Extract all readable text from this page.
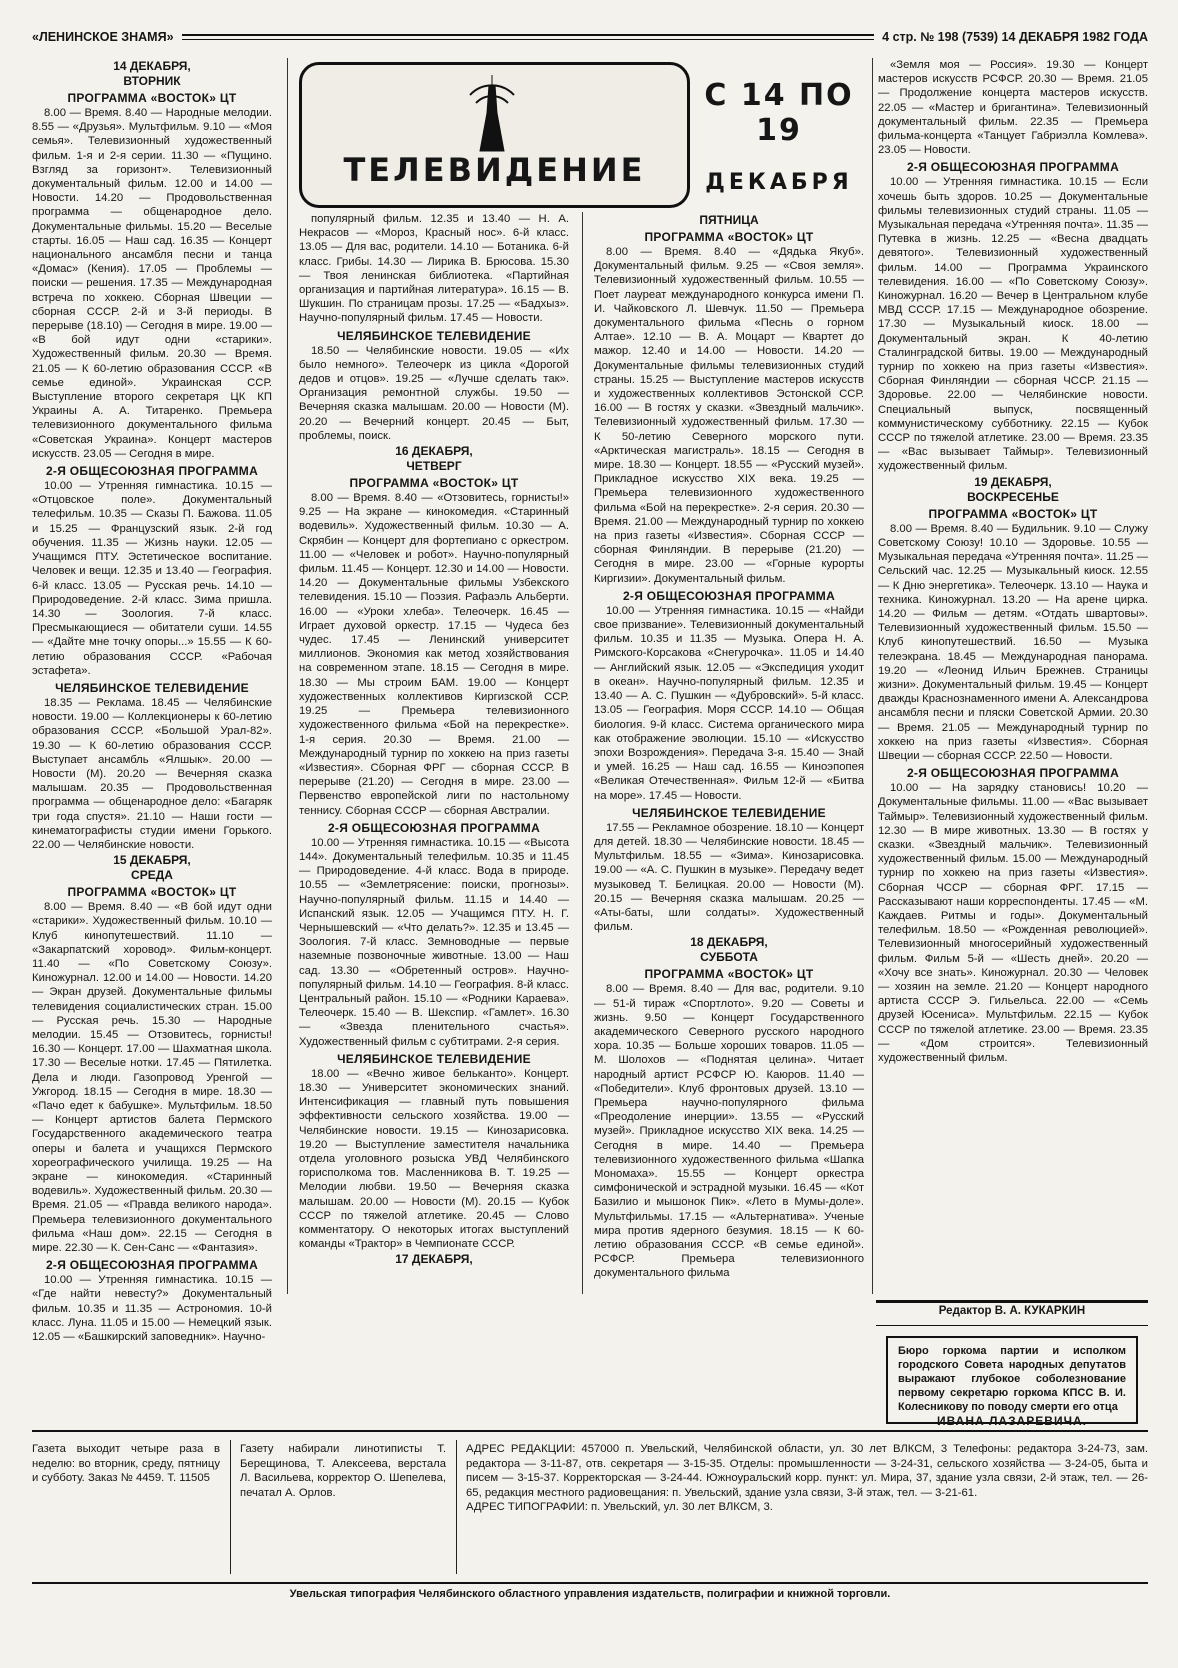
«ЛЕНИНСКОЕ ЗНАМЯ»	4 стр. № 198 (7539) 14 ДЕКАБРЯ 1982 ГОДА
14 ДЕКАБРЯ,
ВТОРНИК
ПРОГРАММА «ВОСТОК» ЦТ

8.00 — Время. 8.40 — Народные мелодии. 8.55 — «Друзья». Мультфильм. 9.10 — «Моя семья». Телевизионный художественный фильм. 1-я и 2-я серии. 11.30 — «Пущино. Взгляд за горизонт». Телевизионный документальный фильм. 12.00 и 14.00 — Новости. 14.20 — Продовольственная программа — общенародное дело. Документальные фильмы. 15.20 — Веселые старты. 16.05 — Наш сад. 16.35 — Концерт национального ансамбля песни и танца «Домас» (Кения). 17.05 — Проблемы — поиски — решения. 17.35 — Международная встреча по хоккею. Сборная Швеции — сборная СССР. 2-й и 3-й периоды. В перерыве (18.10) — Сегодня в мире. 19.00 — «В бой идут одни «старики». Художественный фильм. 20.30 — Время. 21.05 — К 60-летию образования СССР. «В семье единой». Украинская ССР. Выступление второго секретаря ЦК КП Украины А. А. Титаренко. Премьера телевизионного документального фильма «Советская Украина». Концерт мастеров искусств. 23.05 — Сегодня в мире.

2-Я ОБЩЕСОЮЗНАЯ ПРОГРАММА

10.00 — Утренняя гимнастика. 10.15 — «Отцовское поле». Документальный телефильм. 10.35 — Сказы П. Бажова. 11.05 и 15.25 — Французский язык. 2-й год обучения. 11.35 — Жизнь науки. 12.05 — Учащимся ПТУ. Эстетическое воспитание. Человек и вещи. 12.35 и 13.40 — География. 6-й класс. 13.05 — Русская речь. 14.10 — Природоведение. 2-й класс. Зима пришла. 14.30 — Зоология. 7-й класс. Пресмыкающиеся — обитатели суши. 14.55 — «Дайте мне точку опоры...» 15.55 — К 60-летию образования СССР. «Рабочая эстафета».

ЧЕЛЯБИНСКОЕ ТЕЛЕВИДЕНИЕ

18.35 — Реклама. 18.45 — Челябинские новости. 19.00 — Коллекционеры к 60-летию образования СССР. «Большой Урал-82». 19.30 — К 60-летию образования СССР. Выступает ансамбль «Ялшык». 20.00 — Новости (М). 20.20 — Вечерняя сказка малышам. 20.35 — Продовольственная программа — общенародное дело: «Багаряк три года спустя». 21.10 — Наши гости — кинематографисты студии имени Горького. 22.00 — Челябинские новости.

15 ДЕКАБРЯ,
СРЕДА
ПРОГРАММА «ВОСТОК» ЦТ

8.00 — Время. 8.40 — «В бой идут одни «старики». Художественный фильм. 10.10 — Клуб кинопутешествий. 11.10 — «Закарпатский хоровод». Фильм-концерт. 11.40 — «По Советскому Союзу». Киножурнал. 12.00 и 14.00 — Новости. 14.20 — Экран друзей. Документальные фильмы телевидения социалистических стран. 15.00 — Русская речь. 15.30 — Народные мелодии. 15.45 — Отзовитесь, горнисты! 16.30 — Концерт. 17.00 — Шахматная школа. 17.30 — Веселые нотки. 17.45 — Пятилетка. Дела и люди. Газопровод Уренгой — Ужгород. 18.15 — Сегодня в мире. 18.30 — «Пачо едет к бабушке». Мультфильм. 18.50 — Концерт артистов балета Пермского Государственного академического театра оперы и балета и учащихся Пермского хореографического училища. 19.25 — На экране — кинокомедия. «Старинный водевиль». Художественный фильм. 20.30 — Время. 21.05 — «Правда великого народа». Премьера телевизионного документального фильма «Наш дом». 22.15 — Сегодня в мире. 22.30 — К. Сен-Санс — «Фантазия».

2-Я ОБЩЕСОЮЗНАЯ ПРОГРАММА

10.00 — Утренняя гимнастика. 10.15 — «Где найти невесту?» Документальный фильм. 10.35 и 11.35 — Астрономия. 10-й класс. Луна. 11.05 и 15.00 — Немецкий язык. 12.05 — «Башкирский заповедник». Научно-

ТЕЛЕВИДЕНИЕ
С 14 ПО 19
ДЕКАБРЯ

популярный фильм. 12.35 и 13.40 — Н. А. Некрасов — «Мороз, Красный нос». 6-й класс. 13.05 — Для вас, родители. 14.10 — Ботаника. 6-й класс. Грибы. 14.30 — Лирика В. Брюсова. 15.30 — Твоя ленинская библиотека. «Партийная организация и партийная литература». 16.15 — В. Шукшин. По страницам прозы. 17.25 — «Бадхыз». Научно-популярный фильм. 17.45 — Новости.

ЧЕЛЯБИНСКОЕ ТЕЛЕВИДЕНИЕ

18.50 — Челябинские новости. 19.05 — «Их было немного». Телеочерк из цикла «Дорогой дедов и отцов». 19.25 — «Лучше сделать так». Организация ремонтной службы. 19.50 — Вечерняя сказка малышам. 20.00 — Новости (М). 20.20 — Вечерний концерт. 20.45 — Быт, проблемы, поиск.

16 ДЕКАБРЯ,
ЧЕТВЕРГ
ПРОГРАММА «ВОСТОК» ЦТ

8.00 — Время. 8.40 — «Отзовитесь, горнисты!» 9.25 — На экране — кинокомедия. «Старинный водевиль». Художественный фильм. 10.30 — А. Скрябин — Концерт для фортепиано с оркестром. 11.00 — «Человек и робот». Научно-популярный фильм. 11.45 — Концерт. 12.30 и 14.00 — Новости. 14.20 — Документальные фильмы Узбекского телевидения. 15.10 — Поэзия. Рафаэль Альберти. 16.00 — «Уроки хлеба». Телеочерк. 16.45 — Играет духовой оркестр. 17.15 — Чудеса без чудес. 17.45 — Ленинский университет миллионов. Экономия как метод хозяйствования на современном этапе. 18.15 — Сегодня в мире. 18.30 — Мы строим БАМ. 19.00 — Концерт художественных коллективов Киргизской ССР. 19.25 — Премьера телевизионного художественного фильма «Бой на перекрестке». 1-я серия. 20.30 — Время. 21.00 — Международный турнир по хоккею на приз газеты «Известия». Сборная ФРГ — сборная СССР. В перерыве (21.20) — Сегодня в мире. 23.00 — Первенство европейской лиги по настольному теннису. Сборная СССР — сборная Австралии.

2-Я ОБЩЕСОЮЗНАЯ ПРОГРАММА

10.00 — Утренняя гимнастика. 10.15 — «Высота 144». Документальный телефильм. 10.35 и 11.45 — Природоведение. 4-й класс. Вода в природе. 10.55 — «Землетрясение: поиски, прогнозы». Научно-популярный фильм. 11.15 и 14.40 — Испанский язык. 12.05 — Учащимся ПТУ. Н. Г. Чернышевский — «Что делать?». 12.35 и 13.45 — Зоология. 7-й класс. Земноводные — первые наземные позвоночные животные. 13.00 — Наш сад. 13.30 — «Обретенный остров». Научно-популярный фильм. 14.10 — География. 8-й класс. Центральный район. 15.10 — «Родники Караева». Телеочерк. 15.40 — В. Шекспир. «Гамлет». 16.30 — «Звезда пленительного счастья». Художественный фильм с субтитрами. 2-я серия.

ЧЕЛЯБИНСКОЕ ТЕЛЕВИДЕНИЕ

18.00 — «Вечно живое бельканто». Концерт. 18.30 — Университет экономических знаний. Интенсификация — главный путь повышения эффективности сельского хозяйства. 19.00 — Челябинские новости. 19.15 — Кинозарисовка. 19.20 — Выступление заместителя начальника отдела уголовного розыска УВД Челябинского горисполкома тов. Масленникова В. Т. 19.25 — Мелодии любви. 19.50 — Вечерняя сказка малышам. 20.00 — Новости (М). 20.15 — Кубок СССР по тяжелой атлетике. 20.45 — Слово комментатору. О некоторых итогах выступлений команды «Трактор» в Чемпионате СССР.

17 ДЕКАБРЯ,
ПЯТНИЦА
ПРОГРАММА «ВОСТОК» ЦТ

8.00 — Время. 8.40 — «Дядька Якуб». Документальный фильм. 9.25 — «Своя земля». Телевизионный художественный фильм. 10.55 — Поет лауреат международного конкурса имени П. И. Чайковского Л. Шевчук. 11.50 — Премьера документального фильма «Песнь о горном Алтае». 12.10 — В. А. Моцарт — Квартет до мажор. 12.40 и 14.00 — Новости. 14.20 — Документальные фильмы телевизионных студий страны. 15.25 — Выступление мастеров искусств и художественных коллективов Эстонской ССР. 16.00 — В гостях у сказки. «Звездный мальчик». Телевизионный художественный фильм. 17.30 — К 50-летию Северного морского пути. «Арктическая магистраль». 18.15 — Сегодня в мире. 18.30 — Концерт. 18.55 — «Русский музей». Прикладное искусство XIX века. 19.25 — Премьера телевизионного художественного фильма «Бой на перекрестке». 2-я серия. 20.30 — Время. 21.00 — Международный турнир по хоккею на приз газеты «Известия». Сборная СССР — сборная Финляндии. В перерыве (21.20) — Сегодня в мире. 23.00 — «Горные курорты Киргизии». Документальный фильм.

2-Я ОБЩЕСОЮЗНАЯ ПРОГРАММА

10.00 — Утренняя гимнастика. 10.15 — «Найди свое призвание». Телевизионный документальный фильм. 10.35 и 11.35 — Музыка. Опера Н. А. Римского-Корсакова «Снегурочка». 11.05 и 14.40 — Английский язык. 12.05 — «Экспедиция уходит в океан». Научно-популярный фильм. 12.35 и 13.40 — А. С. Пушкин — «Дубровский». 5-й класс. 13.05 — География. Моря СССР. 14.10 — Общая биология. 9-й класс. Система органического мира как отображение эволюции. 15.10 — «Искусство эпохи Возрождения». Передача 3-я. 15.40 — Знай и умей. 16.25 — Наш сад. 16.55 — Киноэпопея «Великая Отечественная». Фильм 12-й — «Битва на море». 17.45 — Новости.

ЧЕЛЯБИНСКОЕ ТЕЛЕВИДЕНИЕ

17.55 — Рекламное обозрение. 18.10 — Концерт для детей. 18.30 — Челябинские новости. 18.45 — Мультфильм. 18.55 — «Зима». Кинозарисовка. 19.00 — «А. С. Пушкин в музыке». Передачу ведет музыковед Т. Белицкая. 20.00 — Новости (М). 20.15 — Вечерняя сказка малышам. 20.25 — «Аты-баты, шли солдаты». Художественный фильм.

18 ДЕКАБРЯ,
СУББОТА
ПРОГРАММА «ВОСТОК» ЦТ

8.00 — Время. 8.40 — Для вас, родители. 9.10 — 51-й тираж «Спортлото». 9.20 — Советы и жизнь. 9.50 — Концерт Государственного академического Северного русского народного хора. 10.35 — Больше хороших товаров. 11.05 — М. Шолохов — «Поднятая целина». Читает народный артист РСФСР Ю. Каюров. 11.40 — «Победители». Клуб фронтовых друзей. 13.10 — Премьера научно-популярного фильма «Преодоление инерции». 13.55 — «Русский музей». Прикладное искусство XIX века. 14.25 — Сегодня в мире. 14.40 — Премьера телевизионного художественного фильма «Шапка Мономаха». 15.55 — Концерт оркестра симфонической и эстрадной музыки. 16.45 — «Кот Базилио и мышонок Пик». «Лето в Мумы-доле». Мультфильмы. 17.15 — «Альтернатива». Ученые мира против ядерного безумия. 18.15 — К 60-летию образования СССР. «В семье единой». РСФСР. Премьера телевизионного документального фильма

«Земля моя — Россия». 19.30 — Концерт мастеров искусств РСФСР. 20.30 — Время. 21.05 — Продолжение концерта мастеров искусств. 22.05 — «Мастер и бригантина». Телевизионный документальный фильм. 22.35 — Премьера фильма-концерта «Танцует Габриэлла Комлева». 23.05 — Новости.

2-Я ОБЩЕСОЮЗНАЯ ПРОГРАММА

10.00 — Утренняя гимнастика. 10.15 — Если хочешь быть здоров. 10.25 — Документальные фильмы телевизионных студий страны. 11.05 — Музыкальная передача «Утренняя почта». 11.35 — Путевка в жизнь. 12.25 — «Весна двадцать девятого». Телевизионный художественный фильм. 14.00 — Программа Украинского телевидения. 16.00 — «По Советскому Союзу». Киножурнал. 16.20 — Вечер в Центральном клубе МВД СССР. 17.15 — Международное обозрение. 17.30 — Музыкальный киоск. 18.00 — Документальный экран. К 40-летию Сталинградской битвы. 19.00 — Международный турнир по хоккею на приз газеты «Известия». Сборная Финляндии — сборная ЧССР. 21.15 — Здоровье. 22.00 — Челябинские новости. Специальный выпуск, посвященный коммунистическому субботнику. 22.15 — Кубок СССР по тяжелой атлетике. 23.00 — Время. 23.35 — «Вас вызывает Таймыр». Телевизионный художественный фильм.

19 ДЕКАБРЯ,
ВОСКРЕСЕНЬЕ
ПРОГРАММА «ВОСТОК» ЦТ

8.00 — Время. 8.40 — Будильник. 9.10 — Служу Советскому Союзу! 10.10 — Здоровье. 10.55 — Музыкальная передача «Утренняя почта». 11.25 — Сельский час. 12.25 — Музыкальный киоск. 12.55 — К Дню энергетика». Телеочерк. 13.10 — Наука и техника. Киножурнал. 13.20 — На арене цирка. 14.20 — Фильм — детям. «Отдать швартовы». Телевизионный художественный фильм. 15.50 — Клуб кинопутешествий. 16.50 — Музыка телеэкрана. 18.45 — Международная панорама. 19.20 — «Леонид Ильич Брежнев. Страницы жизни». Документальный фильм. 19.45 — Концерт дважды Краснознаменного имени А. Александрова ансамбля песни и пляски Советской Армии. 20.30 — Время. 21.05 — Международный турнир по хоккею на приз газеты «Известия». Сборная Швеции — сборная СССР. 22.50 — Новости.

2-Я ОБЩЕСОЮЗНАЯ ПРОГРАММА

10.00 — На зарядку становись! 10.20 — Документальные фильмы. 11.00 — «Вас вызывает Таймыр». Телевизионный художественный фильм. 12.30 — В мире животных. 13.30 — В гостях у сказки. «Звездный мальчик». Телевизионный художественный фильм. 15.00 — Международный турнир по хоккею на приз газеты «Известия». Сборная ЧССР — сборная ФРГ. 17.15 — Рассказывают наши корреспонденты. 17.45 — «М. Каждаев. Ритмы и годы». Документальный телефильм. 18.50 — «Рожденная революцией». Телевизионный многосерийный художественный фильм. Фильм 5-й — «Шесть дней». 20.20 — «Хочу все знать». Киножурнал. 20.30 — Человек — хозяин на земле. 21.20 — Концерт народного артиста СССР Э. Гильельса. 22.00 — «Семь друзей Юсениса». Мультфильм. 22.15 — Кубок СССР по тяжелой атлетике. 23.00 — Время. 23.35 — «Дом строится». Телевизионный художественный фильм.

Редактор В. А. КУКАРКИН
Бюро горкома партии и исполком городского Совета народных депутатов выражают глубокое соболезнование первому секретарю горкома КПСС В. И. Колесникову по поводу смерти его отца
ИВАНА ЛАЗАРЕВИЧА.
Газета выходит четыре раза в неделю: во вторник, среду, пятницу и субботу. Заказ № 4459. Т. 11505
Газету набирали линотиписты Т. Берещинова, Т. Алексеева, верстала Л. Васильева, корректор О. Шепелева, печатал А. Орлов.
АДРЕС РЕДАКЦИИ: 457000 п. Увельский, Челябинской области, ул. 30 лет ВЛКСМ, 3 Телефоны: редактора 3-24-73, зам. редактора — 3-11-87, отв. секретаря — 3-15-35. Отделы: промышленности — 3-24-31, сельского хозяйства — 3-24-05, быта и писем — 3-15-37. Корректорская — 3-24-44. Южноуральский корр. пункт: ул. Мира, 37, здание узла связи, 2-й этаж, тел. — 26-65, редакция местного радиовещания: п. Увельский, здание узла связи, 3-й этаж, тел. — 3-21-61.
АДРЕС ТИПОГРАФИИ: п. Увельский, ул. 30 лет ВЛКСМ, 3.
Увельская типография Челябинского областного управления издательств, полиграфии и книжной торговли.
